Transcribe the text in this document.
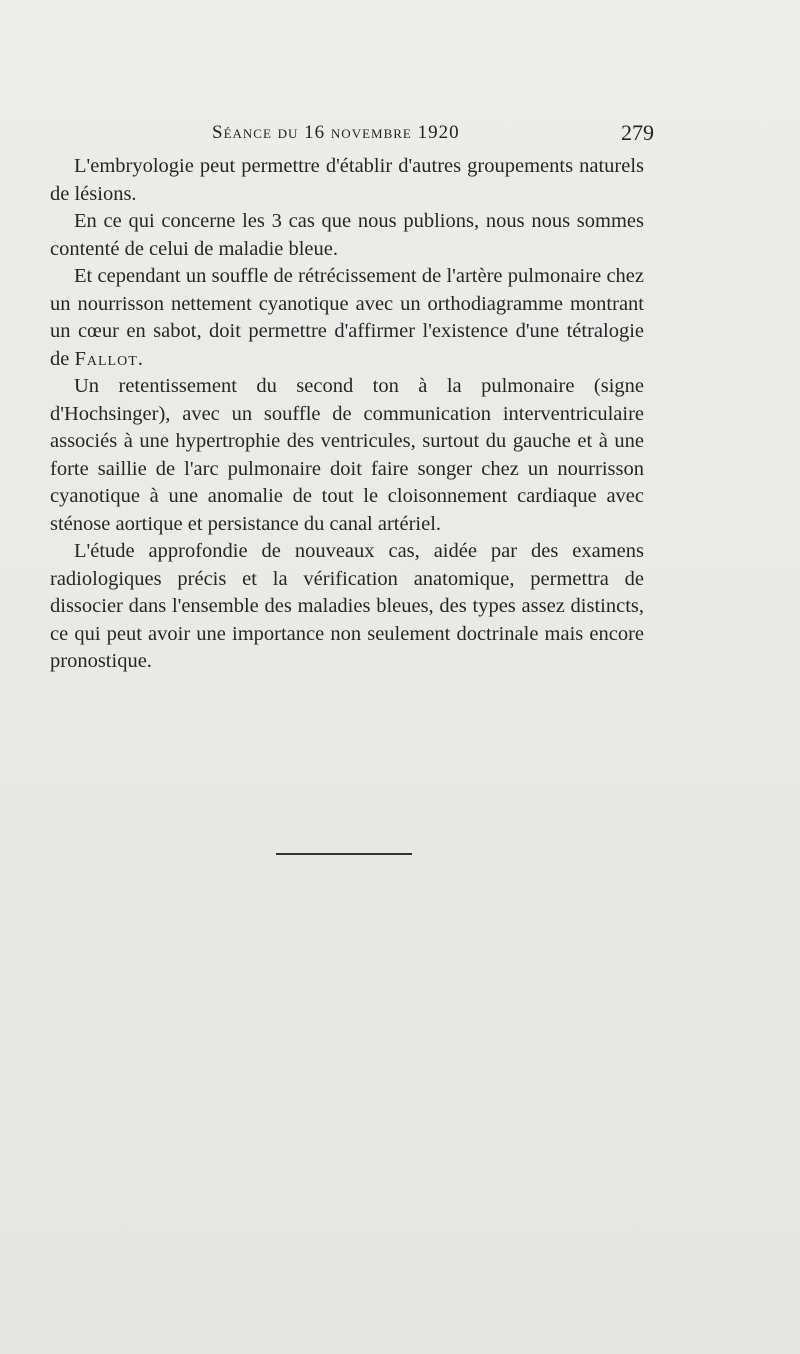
Séance du 16 novembre 1920	279

L'embryologie peut permettre d'établir d'autres groupements naturels de lésions.

En ce qui concerne les 3 cas que nous publions, nous nous sommes contenté de celui de maladie bleue.

Et cependant un souffle de rétrécissement de l'artère pulmonaire chez un nourrisson nettement cyanotique avec un orthodiagramme montrant un cœur en sabot, doit permettre d'affirmer l'existence d'une tétralogie de Fallot.

Un retentissement du second ton à la pulmonaire (signe d'Hochsinger), avec un souffle de communication interventriculaire associés à une hypertrophie des ventricules, surtout du gauche et à une forte saillie de l'arc pulmonaire doit faire songer chez un nourrisson cyanotique à une anomalie de tout le cloisonnement cardiaque avec sténose aortique et persistance du canal artériel.

L'étude approfondie de nouveaux cas, aidée par des examens radiologiques précis et la vérification anatomique, permettra de dissocier dans l'ensemble des maladies bleues, des types assez distincts, ce qui peut avoir une importance non seulement doctrinale mais encore pronostique.
